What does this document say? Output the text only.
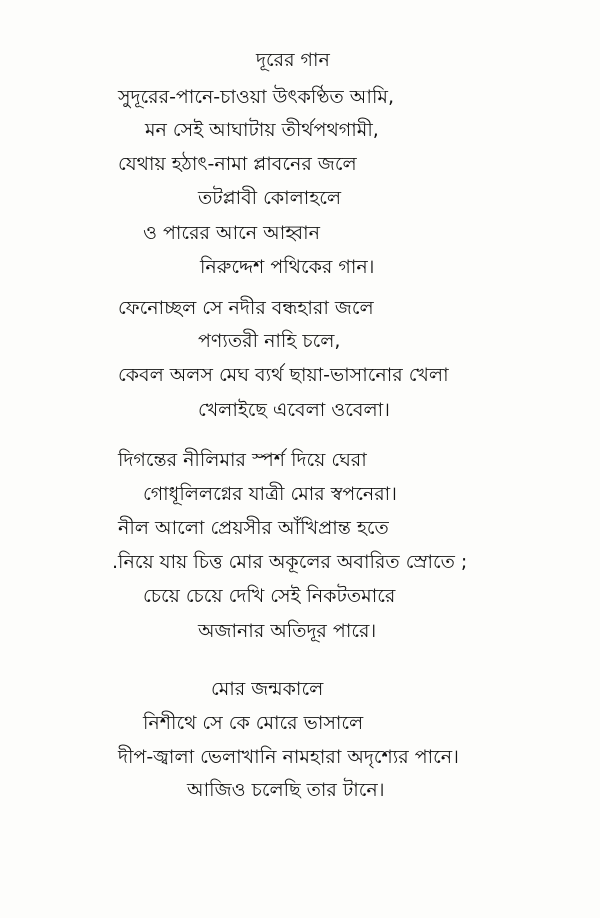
দূরের গান
সুদূরের-পানে-চাওয়া উৎকণ্ঠিত আমি,
মন সেই আঘাটায় তীর্থপথগামী,
যেথায় হঠাৎ-নামা প্লাবনের জলে
তটপ্লাবী কোলাহলে
ও পারের আনে আহ্বান
নিরুদ্দেশ পথিকের গান।
ফেনোচ্ছল সে নদীর বন্ধহারা জলে
পণ্যতরী নাহি চলে,
কেবল অলস মেঘ ব্যর্থ ছায়া-ভাসানোর খেলা
খেলাইছে এবেলা ওবেলা।
দিগন্তের নীলিমার স্পর্শ দিয়ে ঘেরা
গোধূলিলগ্নের যাত্রী মোর স্বপনেরা।
নীল আলো প্রেয়সীর আঁখিপ্রান্ত হতে
.নিয়ে যায় চিত্ত মোর অকূলের অবারিত স্রোতে ;
চেয়ে চেয়ে দেখি সেই নিকটতমারে
অজানার অতিদূর পারে।
মোর জন্মকালে
নিশীথে সে কে মোরে ভাসালে
দীপ-জ্বালা ভেলাখানি নামহারা অদৃশ্যের পানে।
আজিও চলেছি তার টানে।
